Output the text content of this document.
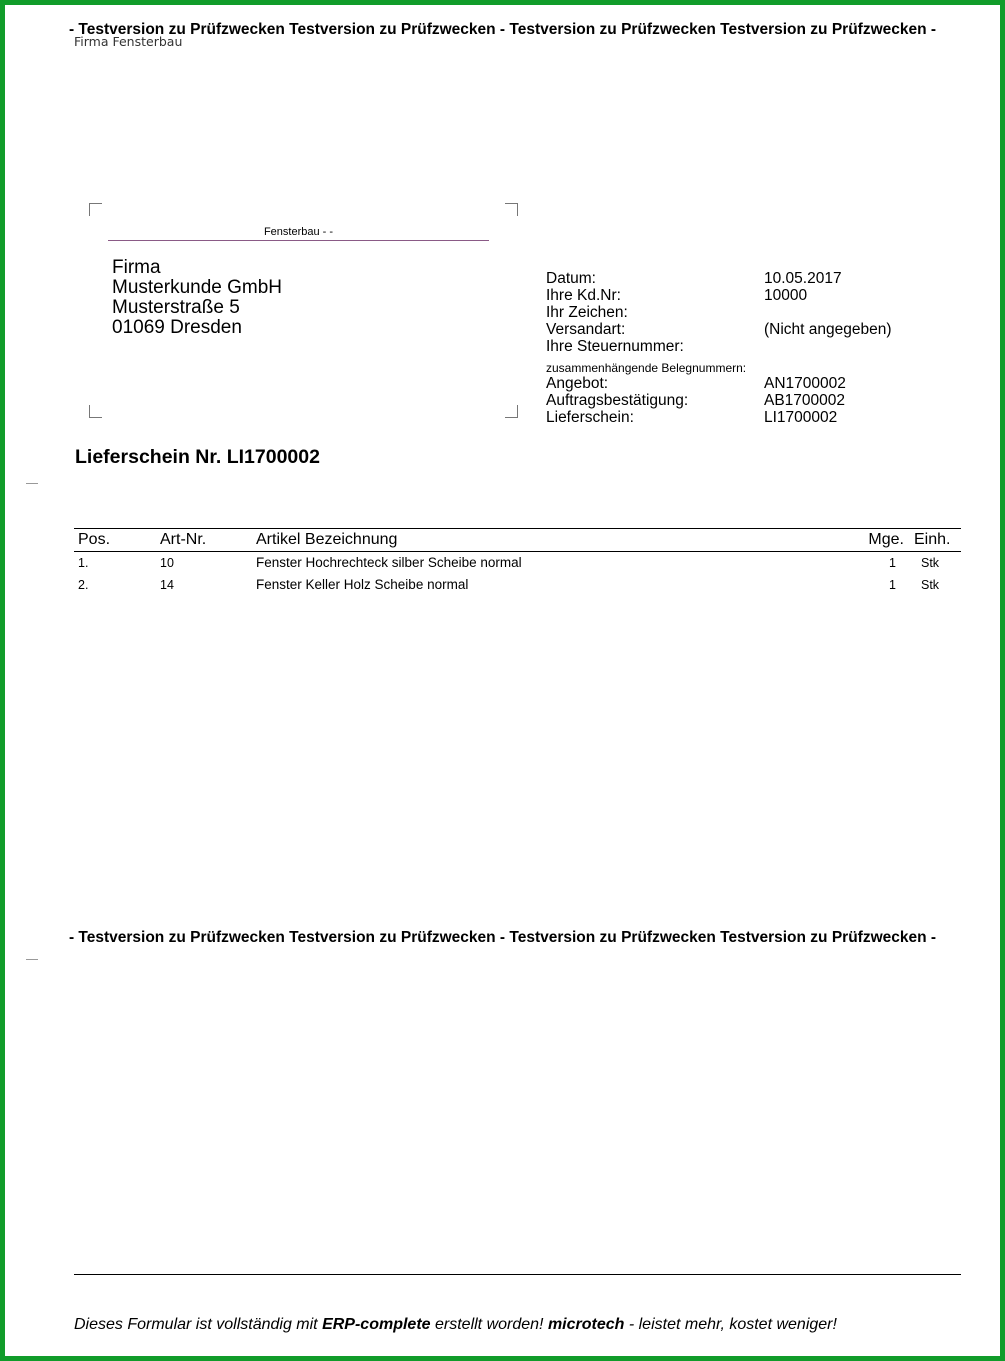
- Testversion zu Prüfzwecken Testversion zu Prüfzwecken - Testversion zu Prüfzwecken Testversion zu Prüfzwecken -
Firma Fensterbau
Fensterbau - -
Firma
Musterkunde GmbH
Musterstraße 5
01069 Dresden
Datum:	10.05.2017
Ihre Kd.Nr:	10000
Ihr Zeichen:
Versandart:	(Nicht angegeben)
Ihre Steuernummer:
zusammenhängende Belegnummern:
Angebot:	AN1700002
Auftragsbestätigung:	AB1700002
Lieferschein:	LI1700002
Lieferschein Nr. LI1700002
Pos.	Art-Nr.	Artikel Bezeichnung	Mge. Einh.
1.	10	Fenster Hochrechteck silber Scheibe normal	1	Stk
2.	14	Fenster Keller Holz Scheibe normal	1	Stk
- Testversion zu Prüfzwecken Testversion zu Prüfzwecken - Testversion zu Prüfzwecken Testversion zu Prüfzwecken -
Dieses Formular ist vollständig mit ERP-complete erstellt worden! microtech - leistet mehr, kostet weniger!
